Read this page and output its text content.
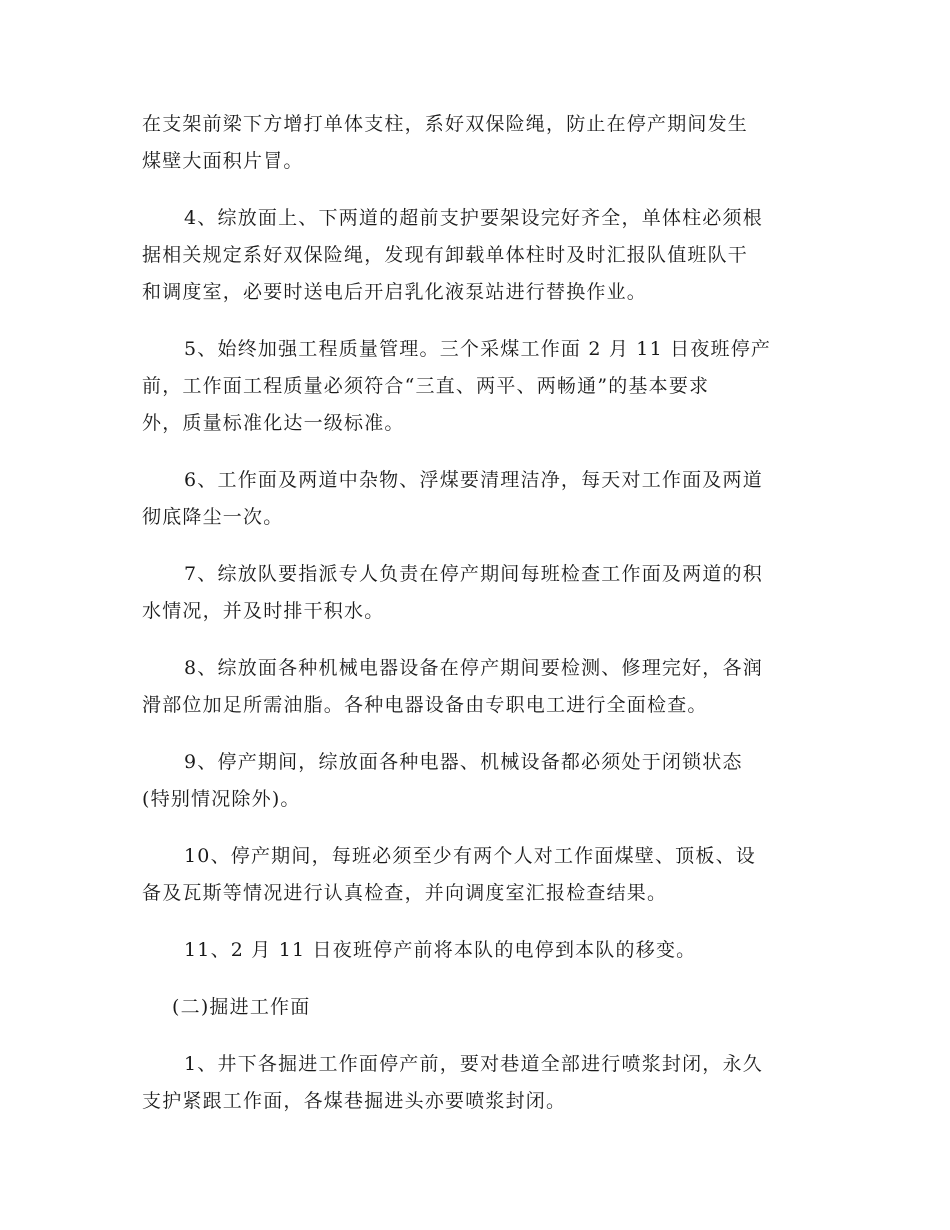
在支架前梁下方增打单体支柱，系好双保险绳，防止在停产期间发生
煤壁大面积片冒。

4、综放面上、下两道的超前支护要架设完好齐全，单体柱必须根
据相关规定系好双保险绳，发现有卸载单体柱时及时汇报队值班队干
和调度室，必要时送电后开启乳化液泵站进行替换作业。

5、始终加强工程质量管理。三个采煤工作面 2 月 11 日夜班停产
前，工作面工程质量必须符合“三直、两平、两畅通”的基本要求
外，质量标准化达一级标准。

6、工作面及两道中杂物、浮煤要清理洁净，每天对工作面及两道
彻底降尘一次。

7、综放队要指派专人负责在停产期间每班检查工作面及两道的积
水情况，并及时排干积水。

8、综放面各种机械电器设备在停产期间要检测、修理完好，各润
滑部位加足所需油脂。各种电器设备由专职电工进行全面检查。

9、停产期间，综放面各种电器、机械设备都必须处于闭锁状态
(特别情况除外)。

10、停产期间，每班必须至少有两个人对工作面煤壁、顶板、设
备及瓦斯等情况进行认真检查，并向调度室汇报检查结果。

11、2 月 11 日夜班停产前将本队的电停到本队的移变。

(二)掘进工作面

1、井下各掘进工作面停产前，要对巷道全部进行喷浆封闭，永久
支护紧跟工作面，各煤巷掘进头亦要喷浆封闭。
